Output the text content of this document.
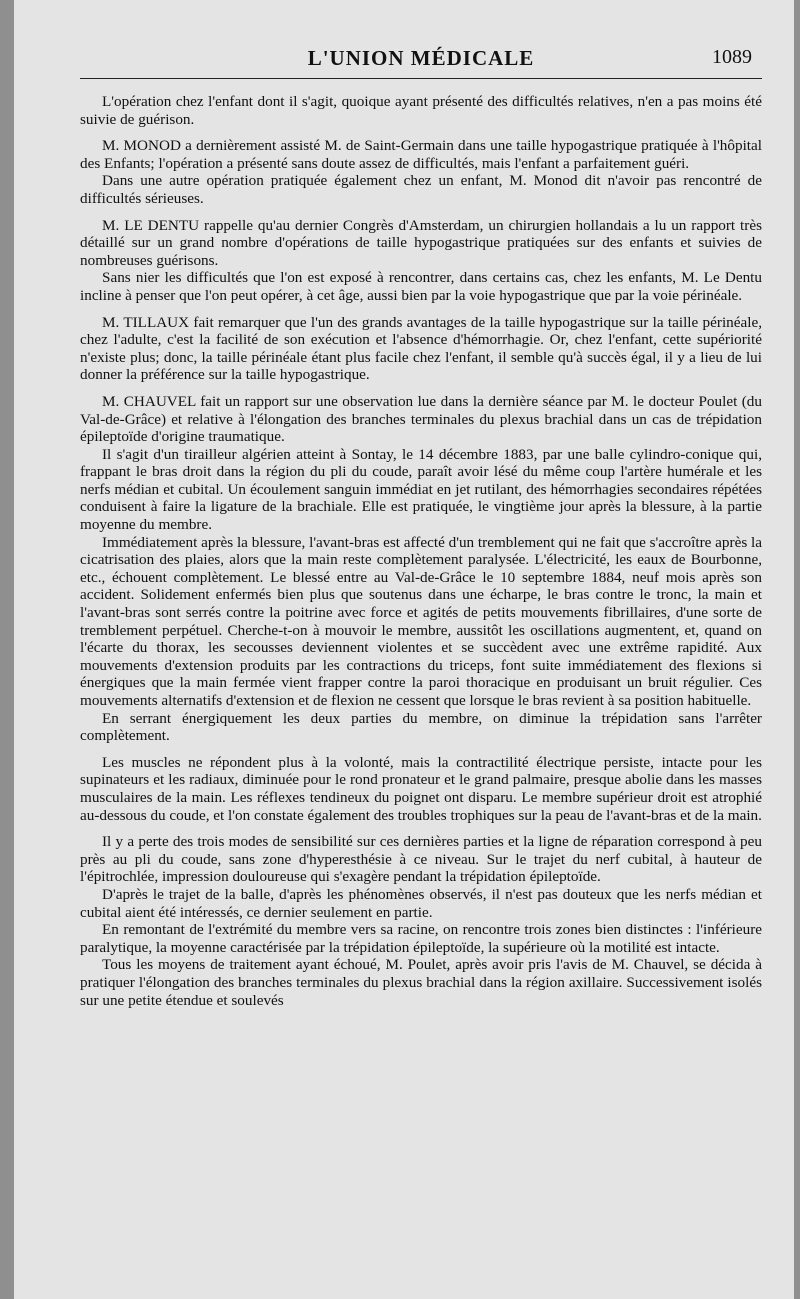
L'UNION MÉDICALE	1089

L'opération chez l'enfant dont il s'agit, quoique ayant présenté des difficultés relatives, n'en a pas moins été suivie de guérison.

M. MONOD a dernièrement assisté M. de Saint-Germain dans une taille hypogastrique pratiquée à l'hôpital des Enfants; l'opération a présenté sans doute assez de difficultés, mais l'enfant a parfaitement guéri.

Dans une autre opération pratiquée également chez un enfant, M. Monod dit n'avoir pas rencontré de difficultés sérieuses.

M. LE DENTU rappelle qu'au dernier Congrès d'Amsterdam, un chirurgien hollandais a lu un rapport très détaillé sur un grand nombre d'opérations de taille hypogastrique pratiquées sur des enfants et suivies de nombreuses guérisons.

Sans nier les difficultés que l'on est exposé à rencontrer, dans certains cas, chez les enfants, M. Le Dentu incline à penser que l'on peut opérer, à cet âge, aussi bien par la voie hypogastrique que par la voie périnéale.

M. TILLAUX fait remarquer que l'un des grands avantages de la taille hypogastrique sur la taille périnéale, chez l'adulte, c'est la facilité de son exécution et l'absence d'hémorrhagie. Or, chez l'enfant, cette supériorité n'existe plus; donc, la taille périnéale étant plus facile chez l'enfant, il semble qu'à succès égal, il y a lieu de lui donner la préférence sur la taille hypogastrique.

M. CHAUVEL fait un rapport sur une observation lue dans la dernière séance par M. le docteur Poulet (du Val-de-Grâce) et relative à l'élongation des branches terminales du plexus brachial dans un cas de trépidation épileptoïde d'origine traumatique.

Il s'agit d'un tirailleur algérien atteint à Sontay, le 14 décembre 1883, par une balle cylindro-conique qui, frappant le bras droit dans la région du pli du coude, paraît avoir lésé du même coup l'artère humérale et les nerfs médian et cubital. Un écoulement sanguin immédiat en jet rutilant, des hémorrhagies secondaires répétées conduisent à faire la ligature de la brachiale. Elle est pratiquée, le vingtième jour après la blessure, à la partie moyenne du membre.

Immédiatement après la blessure, l'avant-bras est affecté d'un tremblement qui ne fait que s'accroître après la cicatrisation des plaies, alors que la main reste complètement paralysée. L'électricité, les eaux de Bourbonne, etc., échouent complètement. Le blessé entre au Val-de-Grâce le 10 septembre 1884, neuf mois après son accident. Solidement enfermés bien plus que soutenus dans une écharpe, le bras contre le tronc, la main et l'avant-bras sont serrés contre la poitrine avec force et agités de petits mouvements fibrillaires, d'une sorte de tremblement perpétuel. Cherche-t-on à mouvoir le membre, aussitôt les oscillations augmentent, et, quand on l'écarte du thorax, les secousses deviennent violentes et se succèdent avec une extrême rapidité. Aux mouvements d'extension produits par les contractions du triceps, font suite immédiatement des flexions si énergiques que la main fermée vient frapper contre la paroi thoracique en produisant un bruit régulier. Ces mouvements alternatifs d'extension et de flexion ne cessent que lorsque le bras revient à sa position habituelle.

En serrant énergiquement les deux parties du membre, on diminue la trépidation sans l'arrêter complètement.

Les muscles ne répondent plus à la volonté, mais la contractilité électrique persiste, intacte pour les supinateurs et les radiaux, diminuée pour le rond pronateur et le grand palmaire, presque abolie dans les masses musculaires de la main. Les réflexes tendineux du poignet ont disparu. Le membre supérieur droit est atrophié au-dessous du coude, et l'on constate également des troubles trophiques sur la peau de l'avant-bras et de la main.

Il y a perte des trois modes de sensibilité sur ces dernières parties et la ligne de réparation correspond à peu près au pli du coude, sans zone d'hyperesthésie à ce niveau. Sur le trajet du nerf cubital, à hauteur de l'épitrochlée, impression douloureuse qui s'exagère pendant la trépidation épileptoïde.

D'après le trajet de la balle, d'après les phénomènes observés, il n'est pas douteux que les nerfs médian et cubital aient été intéressés, ce dernier seulement en partie.

En remontant de l'extrémité du membre vers sa racine, on rencontre trois zones bien distinctes : l'inférieure paralytique, la moyenne caractérisée par la trépidation épileptoïde, la supérieure où la motilité est intacte.

Tous les moyens de traitement ayant échoué, M. Poulet, après avoir pris l'avis de M. Chauvel, se décida à pratiquer l'élongation des branches terminales du plexus brachial dans la région axillaire. Successivement isolés sur une petite étendue et soulevés
